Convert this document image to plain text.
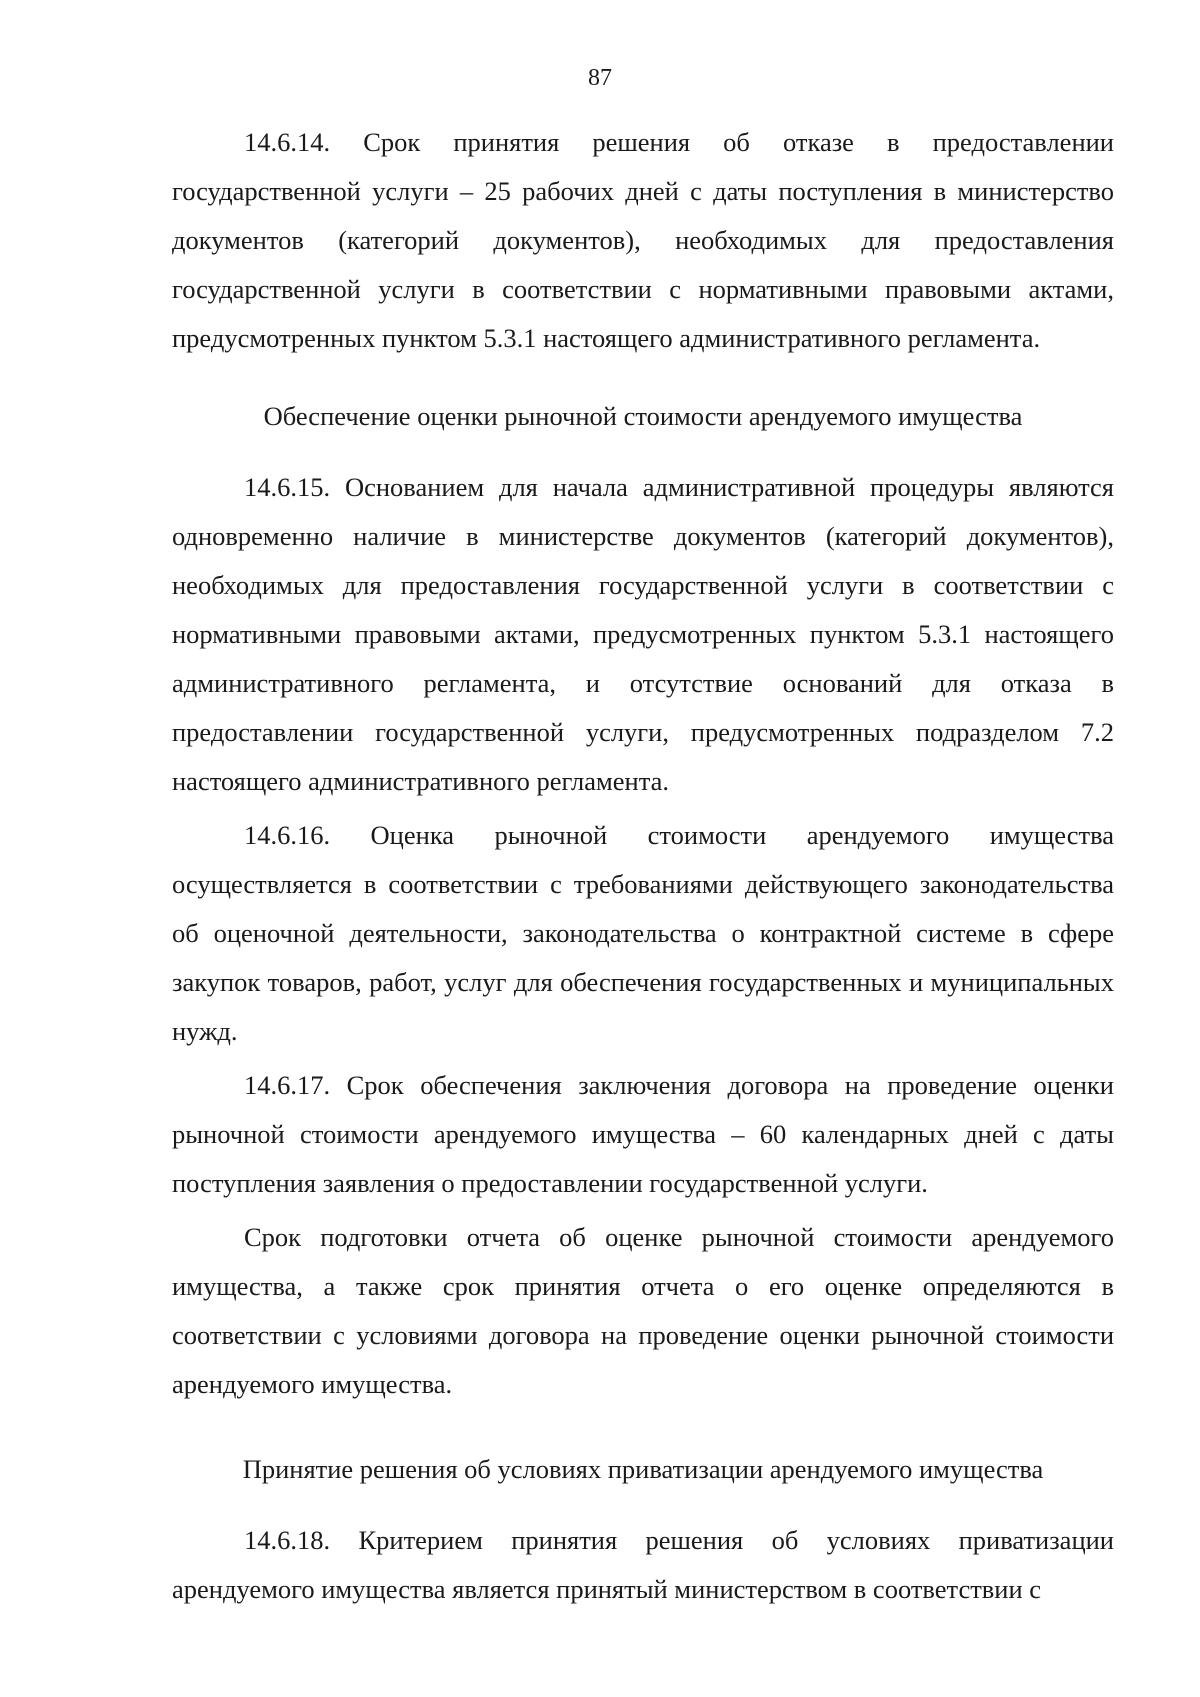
87

14.6.14. Срок принятия решения об отказе в предоставлении государственной услуги – 25 рабочих дней с даты поступления в министерство документов (категорий документов), необходимых для предоставления государственной услуги в соответствии с нормативными правовыми актами, предусмотренных пунктом 5.3.1 настоящего административного регламента.

Обеспечение оценки рыночной стоимости арендуемого имущества

14.6.15. Основанием для начала административной процедуры являются одновременно наличие в министерстве документов (категорий документов), необходимых для предоставления государственной услуги в соответствии с нормативными правовыми актами, предусмотренных пунктом 5.3.1 настоящего административного регламента, и отсутствие оснований для отказа в предоставлении государственной услуги, предусмотренных подразделом 7.2 настоящего административного регламента.

14.6.16. Оценка рыночной стоимости арендуемого имущества осуществляется в соответствии с требованиями действующего законодательства об оценочной деятельности, законодательства о контрактной системе в сфере закупок товаров, работ, услуг для обеспечения государственных и муниципальных нужд.

14.6.17. Срок обеспечения заключения договора на проведение оценки рыночной стоимости арендуемого имущества – 60 календарных дней с даты поступления заявления о предоставлении государственной услуги.

Срок подготовки отчета об оценке рыночной стоимости арендуемого имущества, а также срок принятия отчета о его оценке определяются в соответствии с условиями договора на проведение оценки рыночной стоимости арендуемого имущества.

Принятие решения об условиях приватизации арендуемого имущества

14.6.18. Критерием принятия решения об условиях приватизации арендуемого имущества является принятый министерством в соответствии с
